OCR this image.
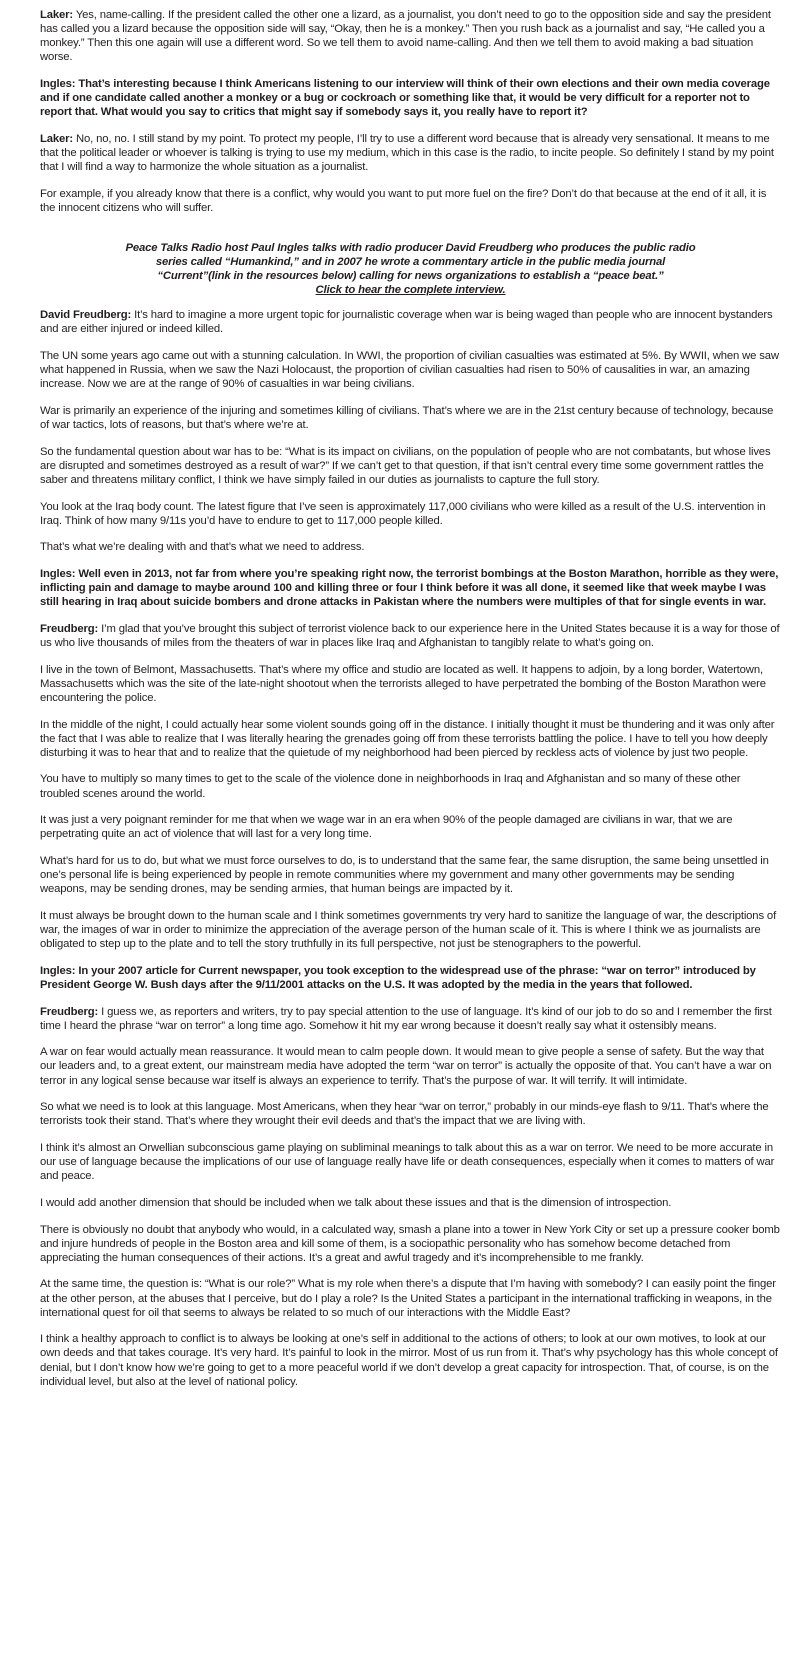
Laker: Yes, name-calling. If the president called the other one a lizard, as a journalist, you don’t need to go to the opposition side and say the president has called you a lizard because the opposition side will say, “Okay, then he is a monkey.” Then you rush back as a journalist and say, “He called you a monkey.” Then this one again will use a different word. So we tell them to avoid name-calling. And then we tell them to avoid making a bad situation worse.

Ingles: That’s interesting because I think Americans listening to our interview will think of their own elections and their own media coverage and if one candidate called another a monkey or a bug or cockroach or something like that, it would be very difficult for a reporter not to report that. What would you say to critics that might say if somebody says it, you really have to report it?

Laker: No, no, no. I still stand by my point. To protect my people, I’ll try to use a different word because that is already very sensational. It means to me that the political leader or whoever is talking is trying to use my medium, which in this case is the radio, to incite people. So definitely I stand by my point that I will find a way to harmonize the whole situation as a journalist.

For example, if you already know that there is a conflict, why would you want to put more fuel on the fire? Don’t do that because at the end of it all, it is the innocent citizens who will suffer.

Peace Talks Radio host Paul Ingles talks with radio producer David Freudberg who produces the public radio
series called “Humankind,” and in 2007 he wrote a commentary article in the public media journal
“Current”(link in the resources below) calling for news organizations to establish a “peace beat.”
Click to hear the complete interview.

David Freudberg: It’s hard to imagine a more urgent topic for journalistic coverage when war is being waged than people who are innocent bystanders and are either injured or indeed killed.

The UN some years ago came out with a stunning calculation. In WWI, the proportion of civilian casualties was estimated at 5%. By WWII, when we saw what happened in Russia, when we saw the Nazi Holocaust, the proportion of civilian casualties had risen to 50% of causalities in war, an amazing increase. Now we are at the range of 90% of casualties in war being civilians.

War is primarily an experience of the injuring and sometimes killing of civilians. That’s where we are in the 21st century because of technology, because of war tactics, lots of reasons, but that’s where we’re at.

So the fundamental question about war has to be: “What is its impact on civilians, on the population of people who are not combatants, but whose lives are disrupted and sometimes destroyed as a result of war?” If we can’t get to that question, if that isn’t central every time some government rattles the saber and threatens military conflict, I think we have simply failed in our duties as journalists to capture the full story.

You look at the Iraq body count. The latest figure that I’ve seen is approximately 117,000 civilians who were killed as a result of the U.S. intervention in Iraq. Think of how many 9/11s you’d have to endure to get to 117,000 people killed.

That’s what we’re dealing with and that’s what we need to address.

Ingles: Well even in 2013, not far from where you’re speaking right now, the terrorist bombings at the Boston Marathon, horrible as they were, inflicting pain and damage to maybe around 100 and killing three or four I think before it was all done, it seemed like that week maybe I was still hearing in Iraq about suicide bombers and drone attacks in Pakistan where the numbers were multiples of that for single events in war.

Freudberg: I’m glad that you’ve brought this subject of terrorist violence back to our experience here in the United States because it is a way for those of us who live thousands of miles from the theaters of war in places like Iraq and Afghanistan to tangibly relate to what’s going on.

I live in the town of Belmont, Massachusetts. That’s where my office and studio are located as well. It happens to adjoin, by a long border, Watertown, Massachusetts which was the site of the late-night shootout when the terrorists alleged to have perpetrated the bombing of the Boston Marathon were encountering the police.

In the middle of the night, I could actually hear some violent sounds going off in the distance. I initially thought it must be thundering and it was only after the fact that I was able to realize that I was literally hearing the grenades going off from these terrorists battling the police. I have to tell you how deeply disturbing it was to hear that and to realize that the quietude of my neighborhood had been pierced by reckless acts of violence by just two people.

You have to multiply so many times to get to the scale of the violence done in neighborhoods in Iraq and Afghanistan and so many of these other troubled scenes around the world.

It was just a very poignant reminder for me that when we wage war in an era when 90% of the people damaged are civilians in war, that we are perpetrating quite an act of violence that will last for a very long time.

What’s hard for us to do, but what we must force ourselves to do, is to understand that the same fear, the same disruption, the same being unsettled in one’s personal life is being experienced by people in remote communities where my government and many other governments may be sending weapons, may be sending drones, may be sending armies, that human beings are impacted by it.

It must always be brought down to the human scale and I think sometimes governments try very hard to sanitize the language of war, the descriptions of war, the images of war in order to minimize the appreciation of the average person of the human scale of it. This is where I think we as journalists are obligated to step up to the plate and to tell the story truthfully in its full perspective, not just be stenographers to the powerful.

Ingles: In your 2007 article for Current newspaper, you took exception to the widespread use of the phrase: “war on terror” introduced by President George W. Bush days after the 9/11/2001 attacks on the U.S. It was adopted by the media in the years that followed.

Freudberg: I guess we, as reporters and writers, try to pay special attention to the use of language. It’s kind of our job to do so and I remember the first time I heard the phrase “war on terror” a long time ago. Somehow it hit my ear wrong because it doesn’t really say what it ostensibly means.

A war on fear would actually mean reassurance. It would mean to calm people down. It would mean to give people a sense of safety. But the way that our leaders and, to a great extent, our mainstream media have adopted the term “war on terror” is actually the opposite of that. You can’t have a war on terror in any logical sense because war itself is always an experience to terrify. That’s the purpose of war. It will terrify. It will intimidate.

So what we need is to look at this language. Most Americans, when they hear “war on terror,” probably in our minds-eye flash to 9/11. That’s where the terrorists took their stand. That’s where they wrought their evil deeds and that’s the impact that we are living with.

I think it’s almost an Orwellian subconscious game playing on subliminal meanings to talk about this as a war on terror. We need to be more accurate in our use of language because the implications of our use of language really have life or death consequences, especially when it comes to matters of war and peace.

I would add another dimension that should be included when we talk about these issues and that is the dimension of introspection.

There is obviously no doubt that anybody who would, in a calculated way, smash a plane into a tower in New York City or set up a pressure cooker bomb and injure hundreds of people in the Boston area and kill some of them, is a sociopathic personality who has somehow become detached from appreciating the human consequences of their actions. It’s a great and awful tragedy and it’s incomprehensible to me frankly.

At the same time, the question is: “What is our role?” What is my role when there’s a dispute that I’m having with somebody? I can easily point the finger at the other person, at the abuses that I perceive, but do I play a role? Is the United States a participant in the international trafficking in weapons, in the international quest for oil that seems to always be related to so much of our interactions with the Middle East?

I think a healthy approach to conflict is to always be looking at one’s self in additional to the actions of others; to look at our own motives, to look at our own deeds and that takes courage. It’s very hard. It’s painful to look in the mirror. Most of us run from it. That’s why psychology has this whole concept of denial, but I don’t know how we’re going to get to a more peaceful world if we don’t develop a great capacity for introspection. That, of course, is on the individual level, but also at the level of national policy.
